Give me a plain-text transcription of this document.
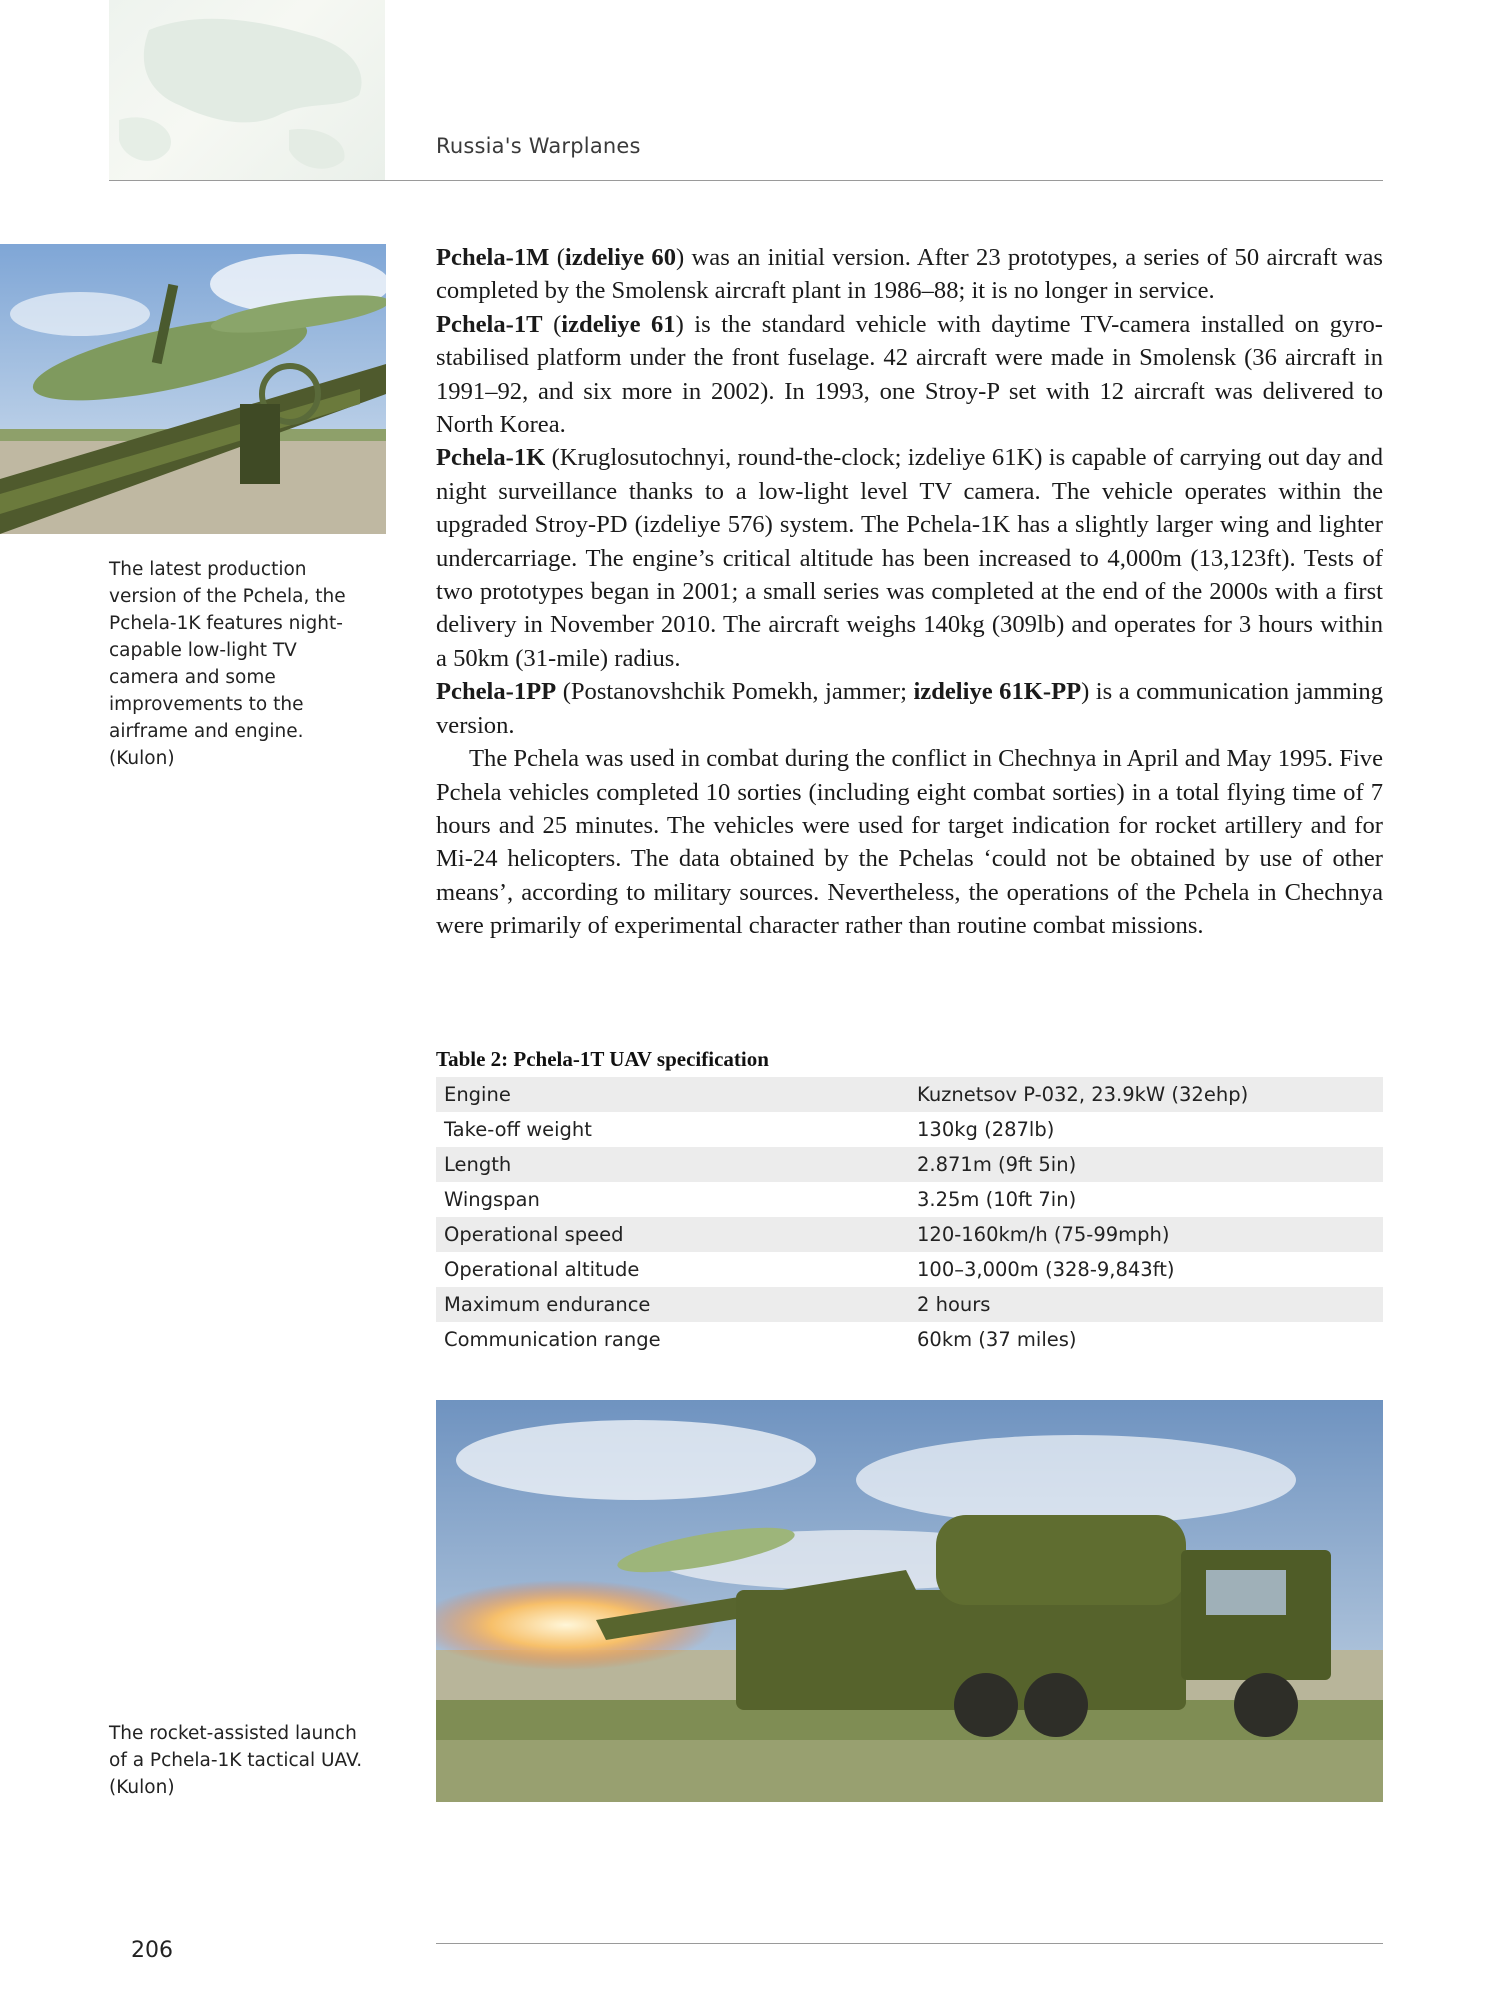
Russia's Warplanes
The latest production version of the Pchela, the Pchela-1K features night-capable low-light TV camera and some improvements to the airframe and engine.
(Kulon)

Pchela-1M (izdeliye 60) was an initial version. After 23 prototypes, a series of 50 aircraft was completed by the Smolensk aircraft plant in 1986–88; it is no longer in service.

Pchela-1T (izdeliye 61) is the standard vehicle with daytime TV-camera installed on gyro-stabilised platform under the front fuselage. 42 aircraft were made in Smolensk (36 aircraft in 1991–92, and six more in 2002). In 1993, one Stroy-P set with 12 aircraft was delivered to North Korea.

Pchela-1K (Kruglosutochnyi, round-the-clock; izdeliye 61K) is capable of carrying out day and night surveillance thanks to a low-light level TV camera. The vehicle operates within the upgraded Stroy-PD (izdeliye 576) system. The Pchela-1K has a slightly larger wing and lighter undercarriage. The engine’s critical altitude has been increased to 4,000m (13,123ft). Tests of two prototypes began in 2001; a small series was completed at the end of the 2000s with a first delivery in November 2010. The aircraft weighs 140kg (309lb) and operates for 3 hours within a 50km (31-mile) radius.

Pchela-1PP (Postanovshchik Pomekh, jammer; izdeliye 61K-PP) is a communication jamming version.

The Pchela was used in combat during the conflict in Chechnya in April and May 1995. Five Pchela vehicles completed 10 sorties (including eight combat sorties) in a total flying time of 7 hours and 25 minutes. The vehicles were used for target indication for rocket artillery and for Mi-24 helicopters. The data obtained by the Pchelas ‘could not be obtained by use of other means’, according to military sources. Nevertheless, the operations of the Pchela in Chechnya were primarily of experimental character rather than routine combat missions.

Table 2: Pchela-1T UAV specification
Engine	Kuznetsov P-032, 23.9kW (32ehp)
Take-off weight	130kg (287lb)
Length	2.871m (9ft 5in)
Wingspan	3.25m (10ft 7in)
Operational speed	120-160km/h (75-99mph)
Operational altitude	100–3,000m (328-9,843ft)
Maximum endurance	2 hours
Communication range	60km (37 miles)
The rocket-assisted launch of a Pchela-1K tactical UAV.
(Kulon)
206
